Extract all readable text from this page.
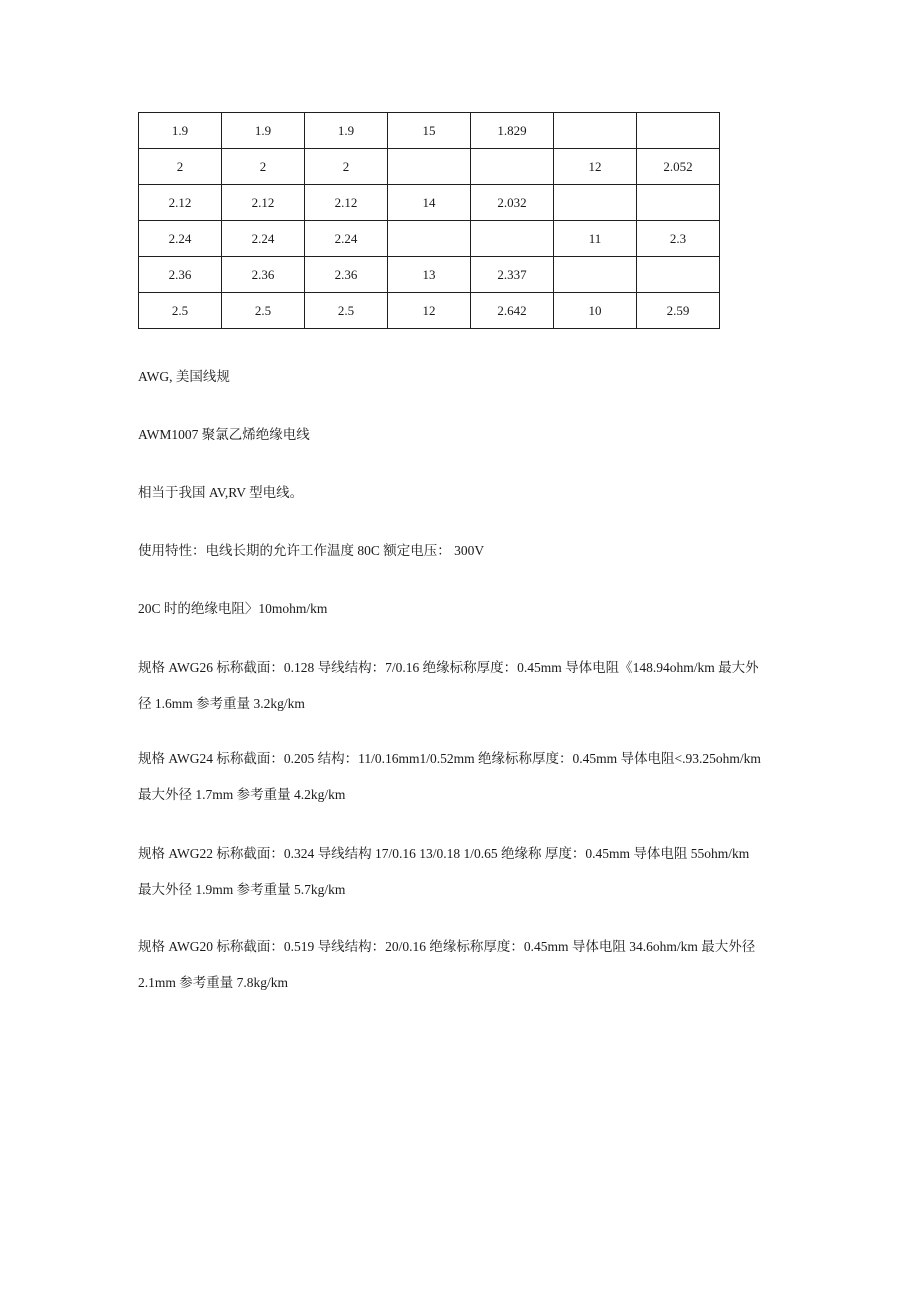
1.9	1.9	1.9	15	1.829		
2	2	2			12	2.052
2.12	2.12	2.12	14	2.032		
2.24	2.24	2.24			11	2.3
2.36	2.36	2.36	13	2.337		
2.5	2.5	2.5	12	2.642	10	2.59

AWG, 美国线规

AWM1007 聚氯乙烯绝缘电线

相当于我国 AV,RV 型电线。

使用特性：电线长期的允许工作温度 80C 额定电压： 300V

20C 时的绝缘电阻〉10mohm/km

规格 AWG26 标称截面：0.128 导线结构：7/0.16 绝缘标称厚度：0.45mm 导体电阻《148.94ohm/km 最大外
径 1.6mm 参考重量 3.2kg/km

规格 AWG24 标称截面：0.205 结构：11/0.16mm1/0.52mm 绝缘标称厚度：0.45mm 导体电阻<.93.25ohm/km
最大外径 1.7mm 参考重量 4.2kg/km

规格 AWG22 标称截面：0.324 导线结构 17/0.16 13/0.18 1/0.65 绝缘称 厚度：0.45mm 导体电阻 55ohm/km
最大外径 1.9mm 参考重量 5.7kg/km

规格 AWG20 标称截面：0.519 导线结构：20/0.16 绝缘标称厚度：0.45mm 导体电阻 34.6ohm/km 最大外径
2.1mm 参考重量 7.8kg/km
